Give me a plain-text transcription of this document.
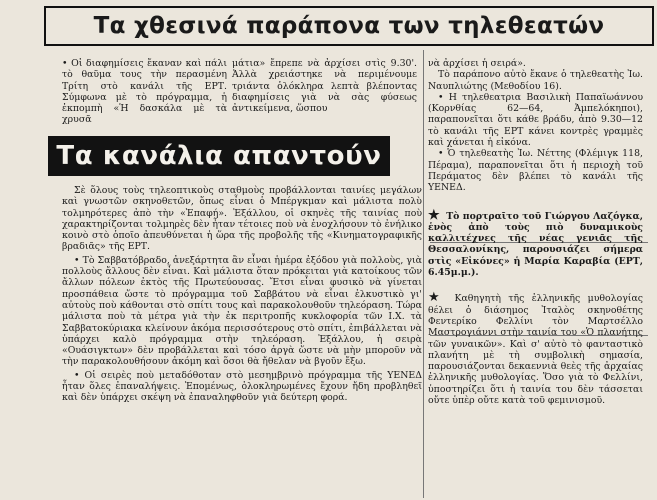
Τα χθεσινά παράπονα των τηλεθεατών

• Οἱ διαφημίσεις ἔκαναν καὶ πάλι τὸ θαῦμα τους τὴν περασμένη Τρίτη στὸ κανάλι τῆς ΕΡΤ. Σύμφωνα μὲ τὸ πρόγραμμα, ἡ ἐκπομπὴ «Ἡ δασκάλα μὲ τὰ χρυσᾶ

μάτια» ἔπρεπε νὰ ἀρχίσει στὶς 9.30'. Ἀλλὰ χρειάστηκε νὰ περιμένουμε τριάντα ὁλόκληρα λεπτὰ βλέποντας διαφημίσεις γιὰ νὰ σὰς φύσεως ἀντικείμενα, ὥσπου

Τα κανάλια απαντούν

Σὲ ὅλους τοὺς τηλεοπτικοὺς σταθμοὺς προβάλλονται ταινίες μεγάλων καὶ γνωστῶν σκηνοθετῶν, ὅπως εἶναι ὁ Μπέργκμαν καὶ μάλιστα πολὺ τολμηρότερες ἀπὸ τὴν «Ἐπαφή». Ἐξάλλου, οἱ σκηνὲς τῆς ταινίας ποὺ χαρακτηρίζονται τολμηρὲς δὲν ἦταν τέτοιες ποὺ νὰ ἐνοχλήσουν τὸ ἐνήλικο κοινὸ στὸ ὁποῖο ἀπευθύνεται ἡ ὥρα τῆς προβολῆς τῆς «Κινηματογραφικῆς βραδιᾶς» τῆς ΕΡΤ.

• Τὸ Σαββατόβραδο, ἀνεξάρτητα ἂν εἶναι ἡμέρα ἐξόδου γιὰ πολλοὺς, γιὰ πολλοὺς ἄλλους δὲν εἶναι. Καὶ μάλιστα ὅταν πρόκειται γιὰ κατοίκους τῶν ἄλλων πόλεων ἐκτὸς τῆς Πρωτεύουσας. Ἔτσι εἶναι φυσικὸ νὰ γίνεται προσπάθεια ὥστε τὸ πρόγραμμα τοῦ Σαββάτου νὰ εἶναι ἑλκυστικὸ γι' αὐτοὺς ποὺ κάθονται στὸ σπίτι τους καὶ παρακολουθοῦν τηλεόραση. Τώρα μάλιστα ποὺ τὰ μέτρα γιὰ τὴν ἐκ περιτροπῆς κυκλοφορία τῶν Ι.Χ. τὰ Σαββατοκύριακα κλείνουν ἀκόμα περισσότερους στὸ σπίτι, ἐπιβάλλεται νὰ ὑπάρχει καλὸ πρόγραμμα στὴν τηλεόραση. Ἐξάλλου, ἡ σειρὰ «Ουάσιγκτων» δὲν προβάλλεται καὶ τόσο ἀργὰ ὥστε νὰ μὴν μποροῦν νὰ τὴν παρακολουθήσουν ἀκόμη καὶ ὅσοι θὰ ἤθελαν νὰ βγοῦν ἔξω.

• Οἱ σειρὲς ποὺ μεταδόθοταν στὸ μεσημβρινὸ πρόγραμμα τῆς ΥΕΝΕΔ ἦταν ὅλες ἐπαναλήψεις. Ἐπομένως, ὁλοκληρωμένες ἔχουν ἤδη προβληθεῖ καὶ δὲν ὑπάρχει σκέψη νὰ ἐπαναληφθοῦν γιὰ δεύτερη φορά.

νὰ ἀρχίσει ἡ σειρά».

Τὸ παράπονο αὐτὸ ἔκανε ὁ τηλεθεατὴς Ἰω. Ναυπλιώτης (Μεθοδίου 16).

• Η τηλεθεατρια Βασιλικὴ Παπαϊωάννου (Κορνθίας 62—64, Ἀμπελόκηποι), παραπονεῖται ὅτι κάθε βράδυ, ἀπὸ 9.30—12 τὸ κανάλι τῆς ΕΡΤ κάνει κοντρὲς γραμμὲς καὶ χάνεται ἡ εἰκόνα.

• Ὁ τηλεθεατὴς Ἰω. Νέττης (Φλέμιγκ 118, Πέραμα), παραπονεῖται ὅτι ἡ περιοχὴ τοῦ Περάματος δὲν βλέπει τὸ κανάλι τῆς ΥΕΝΕΔ.

★ Τὸ πορτραῖτο τοῦ Γιώργου Λαζόγκα, ἑνὸς ἀπὸ τοὺς πιὸ δυναμικοὺς καλλιτέχνες τῆς νέας γενιᾶς τῆς Θεσσαλονίκης, παρουσιάζει σήμερα στὶς «Εἰκόνες» ἡ Μαρία Καραβία (ΕΡΤ, 6.45μ.μ.).

★ Καθηγητὴ τῆς ἑλληνικῆς μυθολογίας θέλει ὁ διάσημος Ἰταλὸς σκηνοθέτης Φεντερίκο Φελλίνι τὸν Μαρτσέλλο Μαστρογιάννι στὴν ταινία του «Ὁ πλανήτης τῶν γυναικῶν». Καὶ σ' αὐτὸ τὸ φανταστικὸ πλανήτη μὲ τὴ συμβολικὴ σημασία, παρουσιάζονται δεκαεννιὰ θεὲς τῆς ἀρχαίας ἑλληνικῆς μυθολογίας. Ὅσο γιὰ τὸ Φελλίνι, ὑποστηρίζει ὅτι ἡ ταινία του δὲν τάσσεται οὔτε ὑπὲρ οὔτε κατὰ τοῦ φεμινισμοῦ.
